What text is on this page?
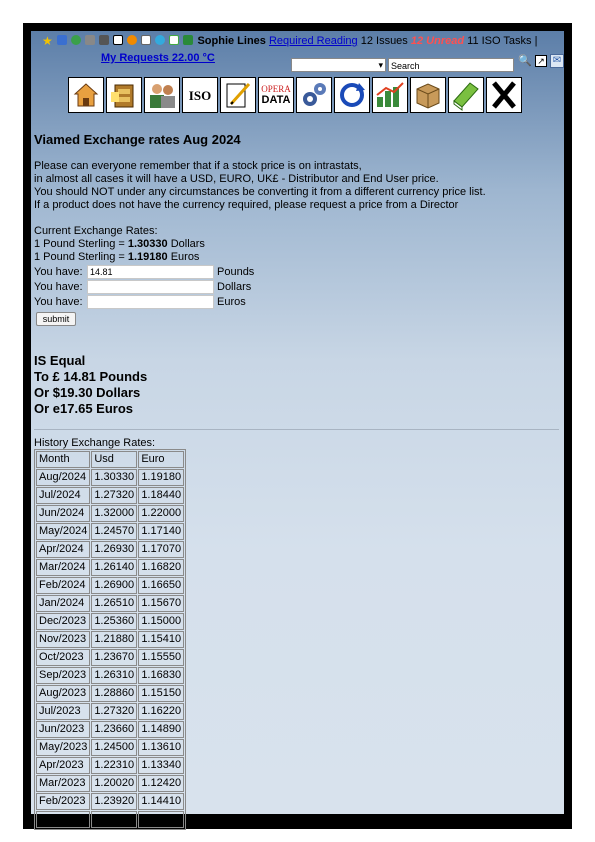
★	Sophie Lines Required Reading 12 Issues 12 Unread 11 ISO Tasks |
My Requests 22.00 °C
▾
Search	🔍 ↗ ✉
ISO	OPERA
DATA
Viamed Exchange rates Aug 2024
Please can everyone remember that if a stock price is on intrastats,
in almost all cases it will have a USD, EURO, UK£ - Distributor and End User price.
You should NOT under any circumstances be converting it from a different currency price list.
If a product does not have the currency required, please request a price from a Director
Current Exchange Rates:
1 Pound Sterling = 1.30330 Dollars
1 Pound Sterling = 1.19180 Euros
You have: 14.81	Pounds
You have:	Dollars
You have:	Euros
submit
IS Equal
To £ 14.81 Pounds
Or $19.30 Dollars
Or e17.65 Euros
History Exchange Rates:
Month	Usd	Euro
Aug/2024	1.30330	1.19180
Jul/2024	1.27320	1.18440
Jun/2024	1.32000	1.22000
May/2024	1.24570	1.17140
Apr/2024	1.26930	1.17070
Mar/2024	1.26140	1.16820
Feb/2024	1.26900	1.16650
Jan/2024	1.26510	1.15670
Dec/2023	1.25360	1.15000
Nov/2023	1.21880	1.15410
Oct/2023	1.23670	1.15550
Sep/2023	1.26310	1.16830
Aug/2023	1.28860	1.15150
Jul/2023	1.27320	1.16220
Jun/2023	1.23660	1.14890
May/2023	1.24500	1.13610
Apr/2023	1.22310	1.13340
Mar/2023	1.20020	1.12420
Feb/2023	1.23920	1.14410
Jan/2023	1.24060	1.16520
